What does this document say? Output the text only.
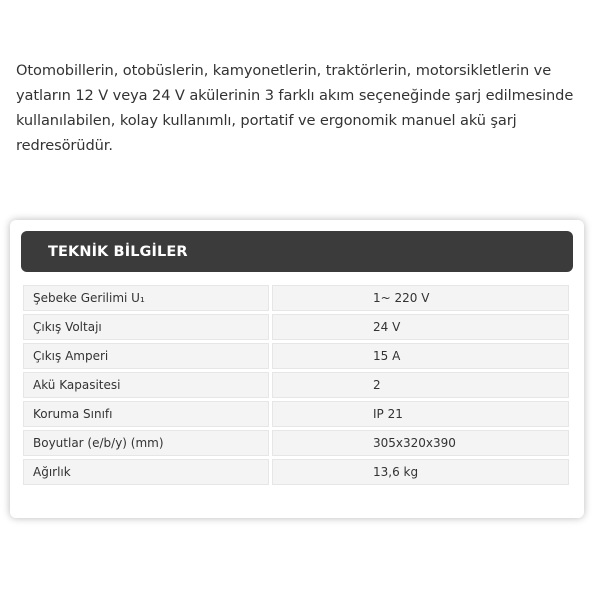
Otomobillerin, otobüslerin, kamyonetlerin, traktörlerin, motorsikletlerin ve yatların 12 V veya 24 V akülerinin 3 farklı akım seçeneğinde şarj edilmesinde kullanılabilen, kolay kullanımlı, portatif ve ergonomik manuel akü şarj redresörüdür.

TEKNİK BİLGİLER
Şebeke Gerilimi U₁	1~ 220 V
Çıkış Voltajı	24 V
Çıkış Amperi	15 A
Akü Kapasitesi	2
Koruma Sınıfı	IP 21
Boyutlar (e/b/y) (mm)	305x320x390
Ağırlık	13,6 kg
